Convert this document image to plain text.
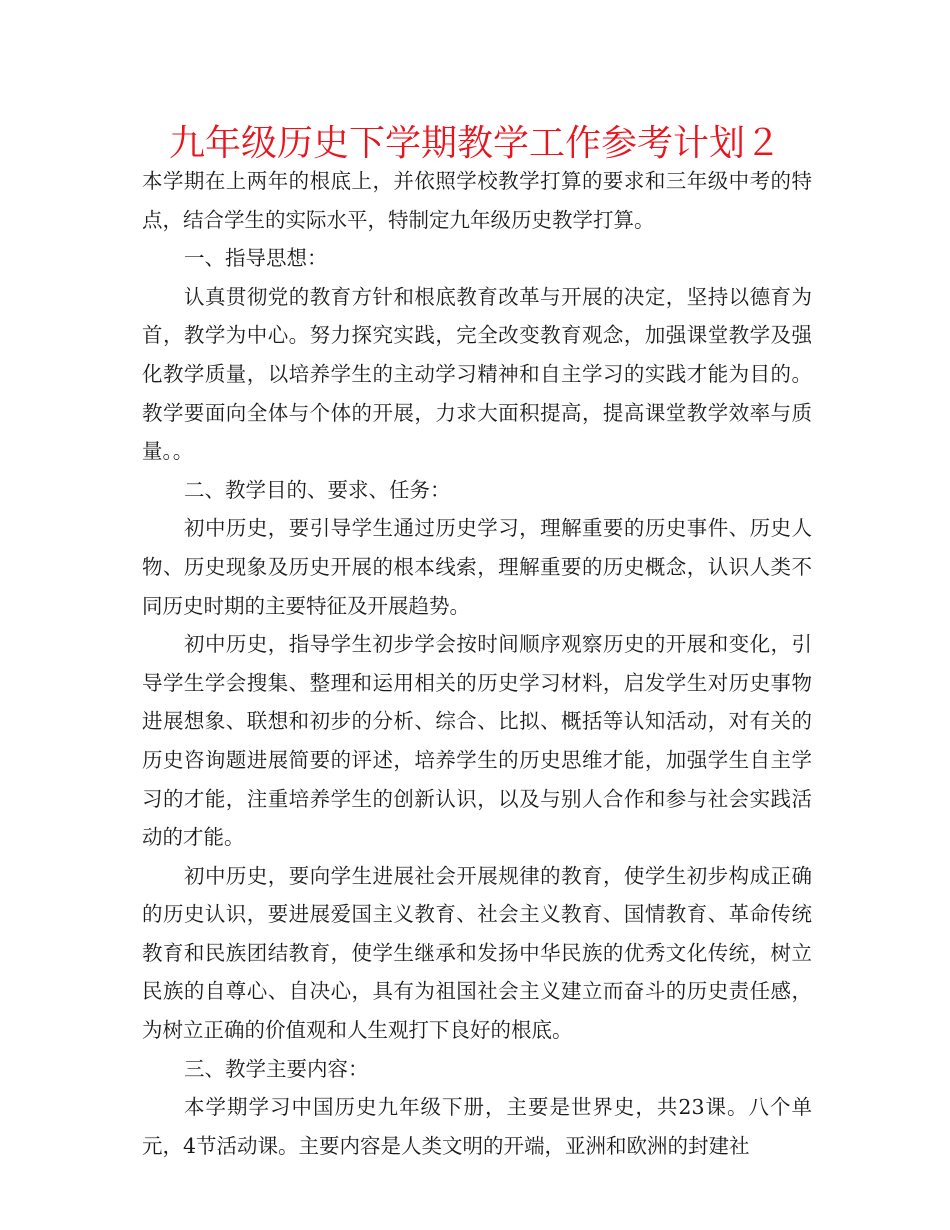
九年级历史下学期教学工作参考计划２

本学期在上两年的根底上，并依照学校教学打算的要求和三年级中考的特点，结合学生的实际水平，特制定九年级历史教学打算。

一、指导思想：

认真贯彻党的教育方针和根底教育改革与开展的决定，坚持以德育为首，教学为中心。努力探究实践，完全改变教育观念，加强课堂教学及强化教学质量，以培养学生的主动学习精神和自主学习的实践才能为目的。教学要面向全体与个体的开展，力求大面积提高，提高课堂教学效率与质量。。

二、教学目的、要求、任务：

初中历史，要引导学生通过历史学习，理解重要的历史事件、历史人物、历史现象及历史开展的根本线索，理解重要的历史概念，认识人类不同历史时期的主要特征及开展趋势。

初中历史，指导学生初步学会按时间顺序观察历史的开展和变化，引导学生学会搜集、整理和运用相关的历史学习材料，启发学生对历史事物进展想象、联想和初步的分析、综合、比拟、概括等认知活动，对有关的历史咨询题进展简要的评述，培养学生的历史思维才能，加强学生自主学习的才能，注重培养学生的创新认识，以及与别人合作和参与社会实践活动的才能。

初中历史，要向学生进展社会开展规律的教育，使学生初步构成正确的历史认识，要进展爱国主义教育、社会主义教育、国情教育、革命传统教育和民族团结教育，使学生继承和发扬中华民族的优秀文化传统，树立民族的自尊心、自决心，具有为祖国社会主义建立而奋斗的历史责任感，为树立正确的价值观和人生观打下良好的根底。

三、教学主要内容：

本学期学习中国历史九年级下册，主要是世界史，共23课。八个单元，4节活动课。主要内容是人类文明的开端，亚洲和欧洲的封建社
